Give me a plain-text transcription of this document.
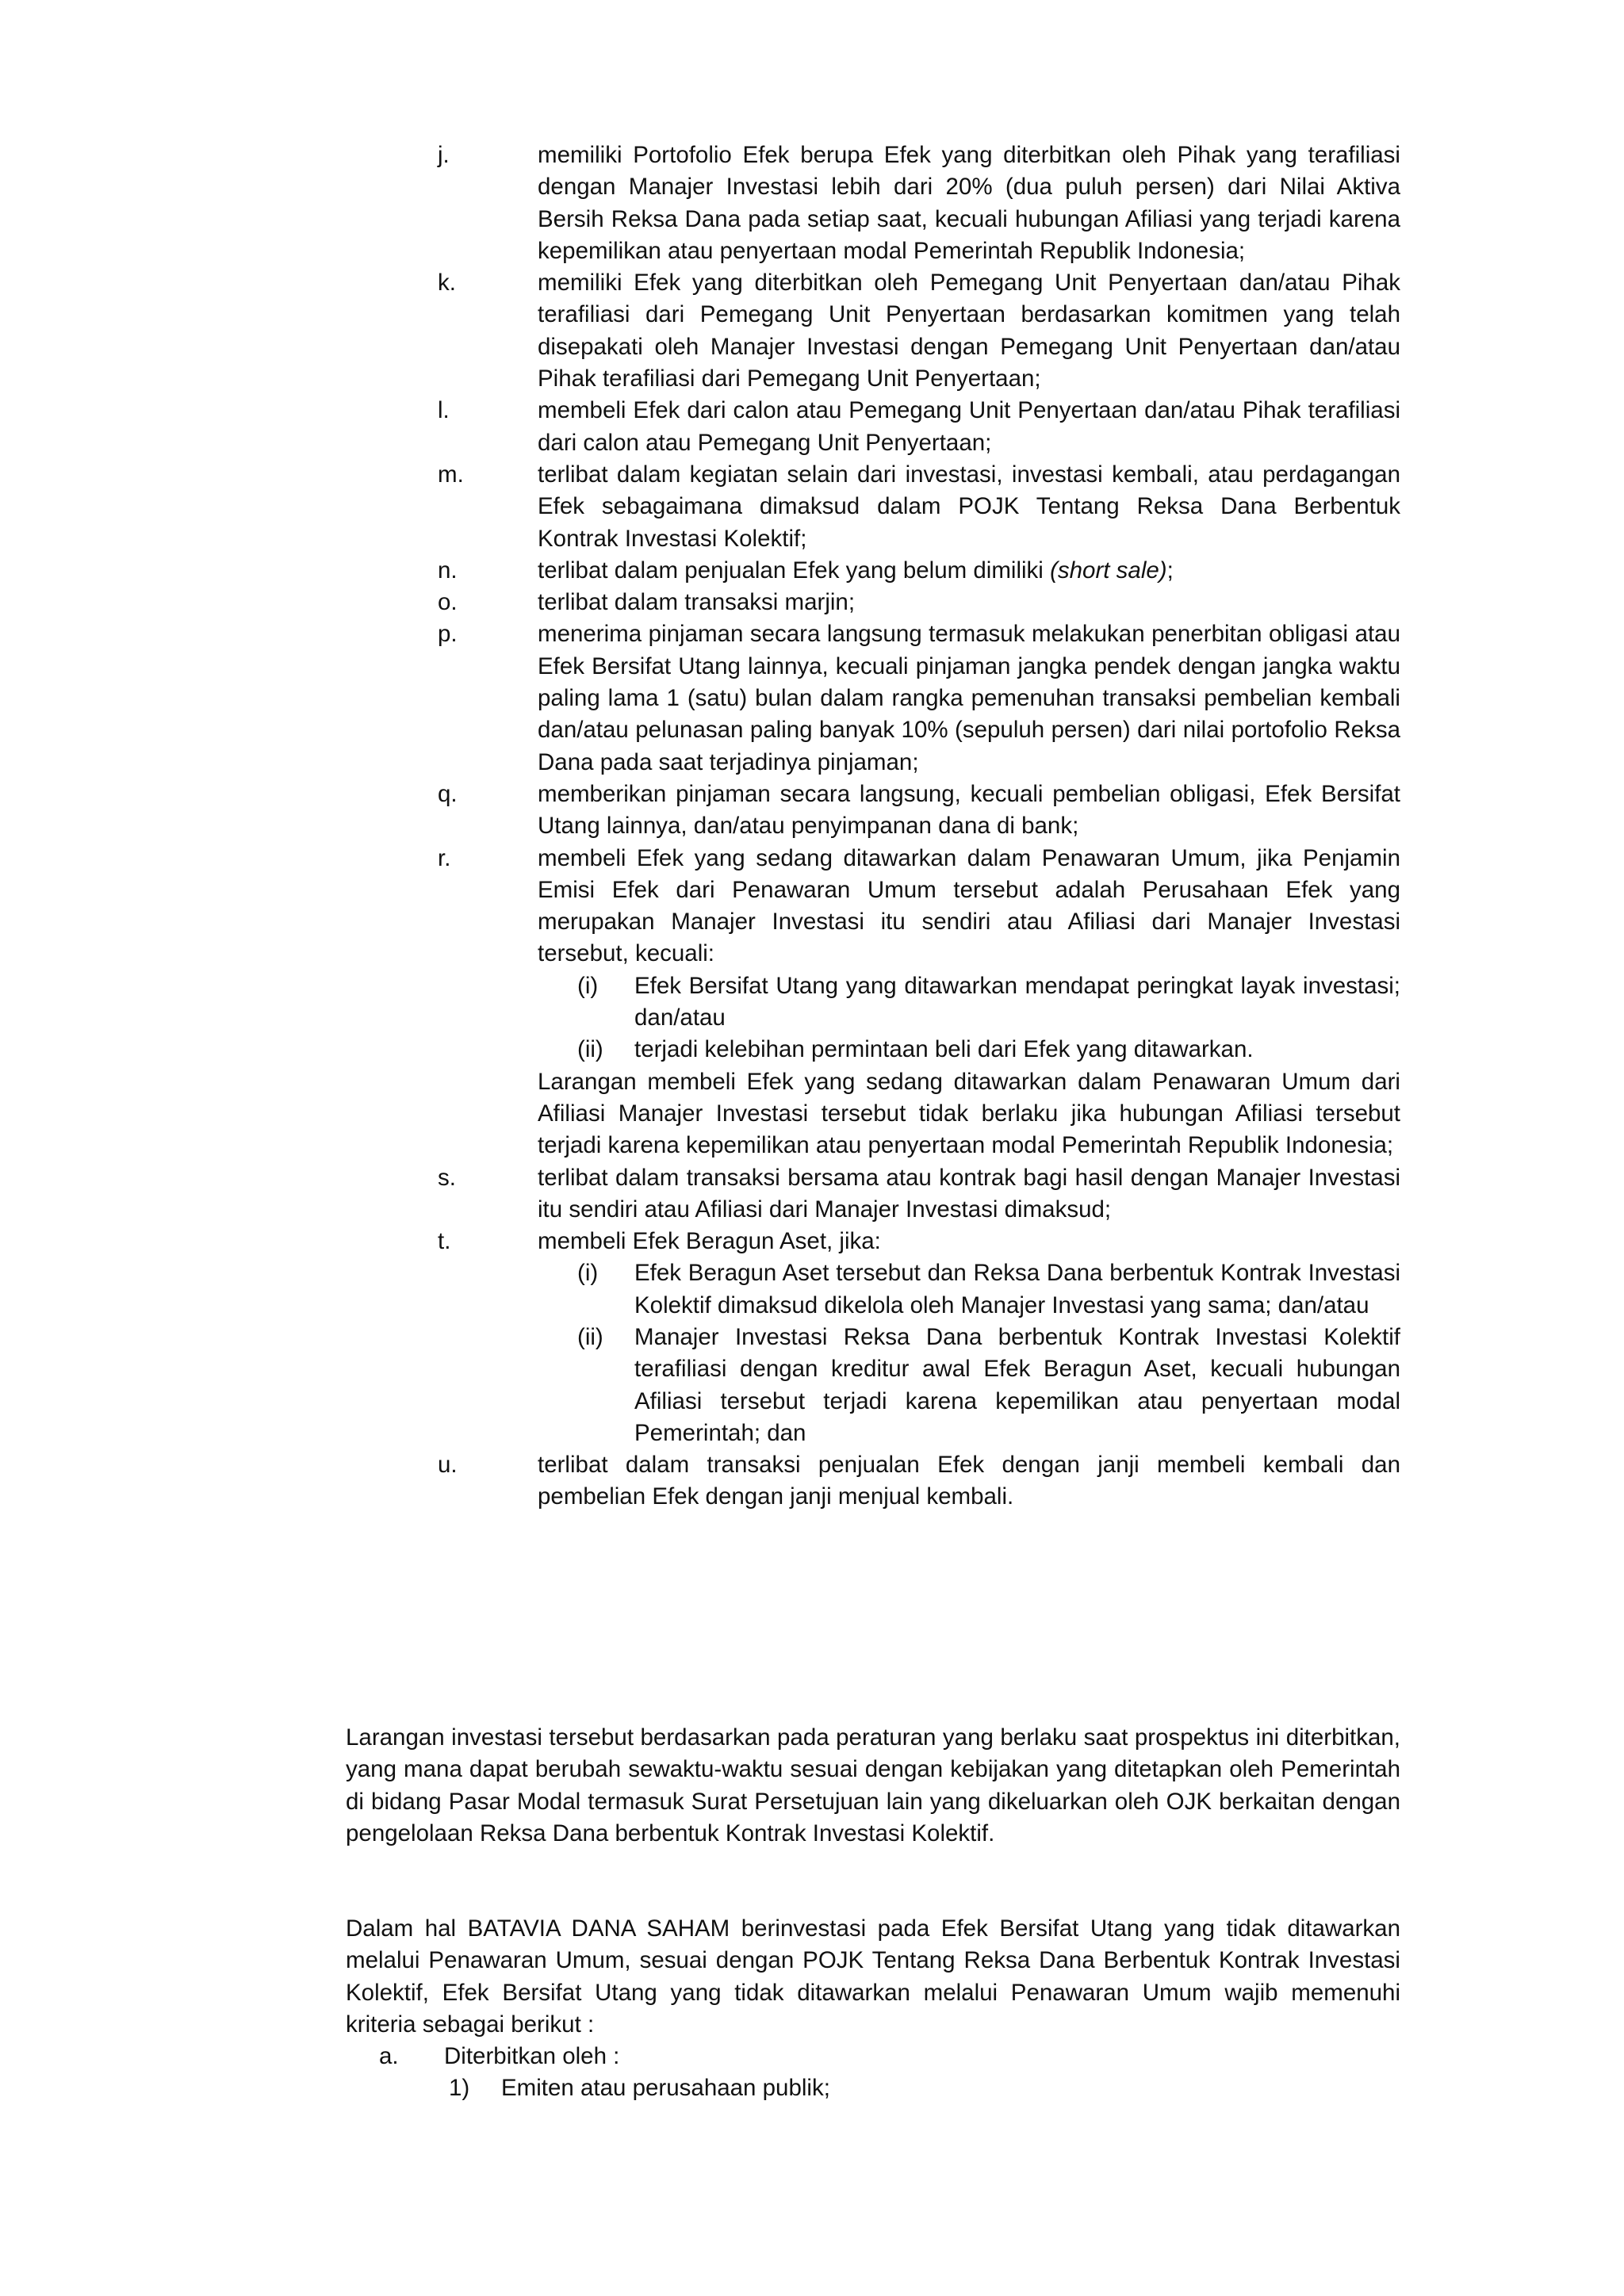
j.	memiliki Portofolio Efek berupa Efek yang diterbitkan oleh Pihak yang terafiliasi dengan Manajer Investasi lebih dari 20% (dua puluh persen) dari Nilai Aktiva Bersih Reksa Dana pada setiap saat, kecuali hubungan Afiliasi yang terjadi karena kepemilikan atau penyertaan modal Pemerintah Republik Indonesia;
k.	memiliki Efek yang diterbitkan oleh Pemegang Unit Penyertaan dan/atau Pihak terafiliasi dari Pemegang Unit Penyertaan berdasarkan komitmen yang telah disepakati oleh Manajer Investasi dengan Pemegang Unit Penyertaan dan/atau Pihak terafiliasi dari Pemegang Unit Penyertaan;
l.	membeli Efek dari calon atau Pemegang Unit Penyertaan dan/atau Pihak terafiliasi dari calon atau Pemegang Unit Penyertaan;
m.	terlibat dalam kegiatan selain dari investasi, investasi kembali, atau perdagangan Efek sebagaimana dimaksud dalam POJK Tentang Reksa Dana Berbentuk Kontrak Investasi Kolektif;
n.	terlibat dalam penjualan Efek yang belum dimiliki (short sale);
o.	terlibat dalam transaksi marjin;
p.	menerima pinjaman secara langsung termasuk melakukan penerbitan obligasi atau Efek Bersifat Utang lainnya, kecuali pinjaman jangka pendek dengan jangka waktu paling lama 1 (satu) bulan dalam rangka pemenuhan transaksi pembelian kembali dan/atau pelunasan paling banyak 10% (sepuluh persen) dari nilai portofolio Reksa Dana pada saat terjadinya pinjaman;
q.	memberikan pinjaman secara langsung, kecuali pembelian obligasi, Efek Bersifat Utang lainnya, dan/atau penyimpanan dana di bank;
r.	membeli Efek yang sedang ditawarkan dalam Penawaran Umum, jika Penjamin Emisi Efek dari Penawaran Umum tersebut adalah Perusahaan Efek yang merupakan Manajer Investasi itu sendiri atau Afiliasi dari Manajer Investasi tersebut, kecuali:
(i) Efek Bersifat Utang yang ditawarkan mendapat peringkat layak investasi; dan/atau
(ii) terjadi kelebihan permintaan beli dari Efek yang ditawarkan.
Larangan membeli Efek yang sedang ditawarkan dalam Penawaran Umum dari Afiliasi Manajer Investasi tersebut tidak berlaku jika hubungan Afiliasi tersebut terjadi karena kepemilikan atau penyertaan modal Pemerintah Republik Indonesia;
s.	terlibat dalam transaksi bersama atau kontrak bagi hasil dengan Manajer Investasi itu sendiri atau Afiliasi dari Manajer Investasi dimaksud;
t.	membeli Efek Beragun Aset, jika:
(i) Efek Beragun Aset tersebut dan Reksa Dana berbentuk Kontrak Investasi Kolektif dimaksud dikelola oleh Manajer Investasi yang sama; dan/atau
(ii) Manajer Investasi Reksa Dana berbentuk Kontrak Investasi Kolektif terafiliasi dengan kreditur awal Efek Beragun Aset, kecuali hubungan Afiliasi tersebut terjadi karena kepemilikan atau penyertaan modal Pemerintah; dan
u.	terlibat dalam transaksi penjualan Efek dengan janji membeli kembali dan pembelian Efek dengan janji menjual kembali.
Larangan investasi tersebut berdasarkan pada peraturan yang berlaku saat prospektus ini diterbitkan, yang mana dapat berubah sewaktu-waktu sesuai dengan kebijakan yang ditetapkan oleh Pemerintah di bidang Pasar Modal termasuk Surat Persetujuan lain yang dikeluarkan oleh OJK berkaitan dengan pengelolaan Reksa Dana berbentuk Kontrak Investasi Kolektif.
Dalam hal BATAVIA DANA SAHAM berinvestasi pada Efek Bersifat Utang yang tidak ditawarkan melalui Penawaran Umum, sesuai dengan POJK Tentang Reksa Dana Berbentuk Kontrak Investasi Kolektif, Efek Bersifat Utang yang tidak ditawarkan melalui Penawaran Umum wajib memenuhi kriteria sebagai berikut :
a. Diterbitkan oleh :
1) Emiten atau perusahaan publik;
